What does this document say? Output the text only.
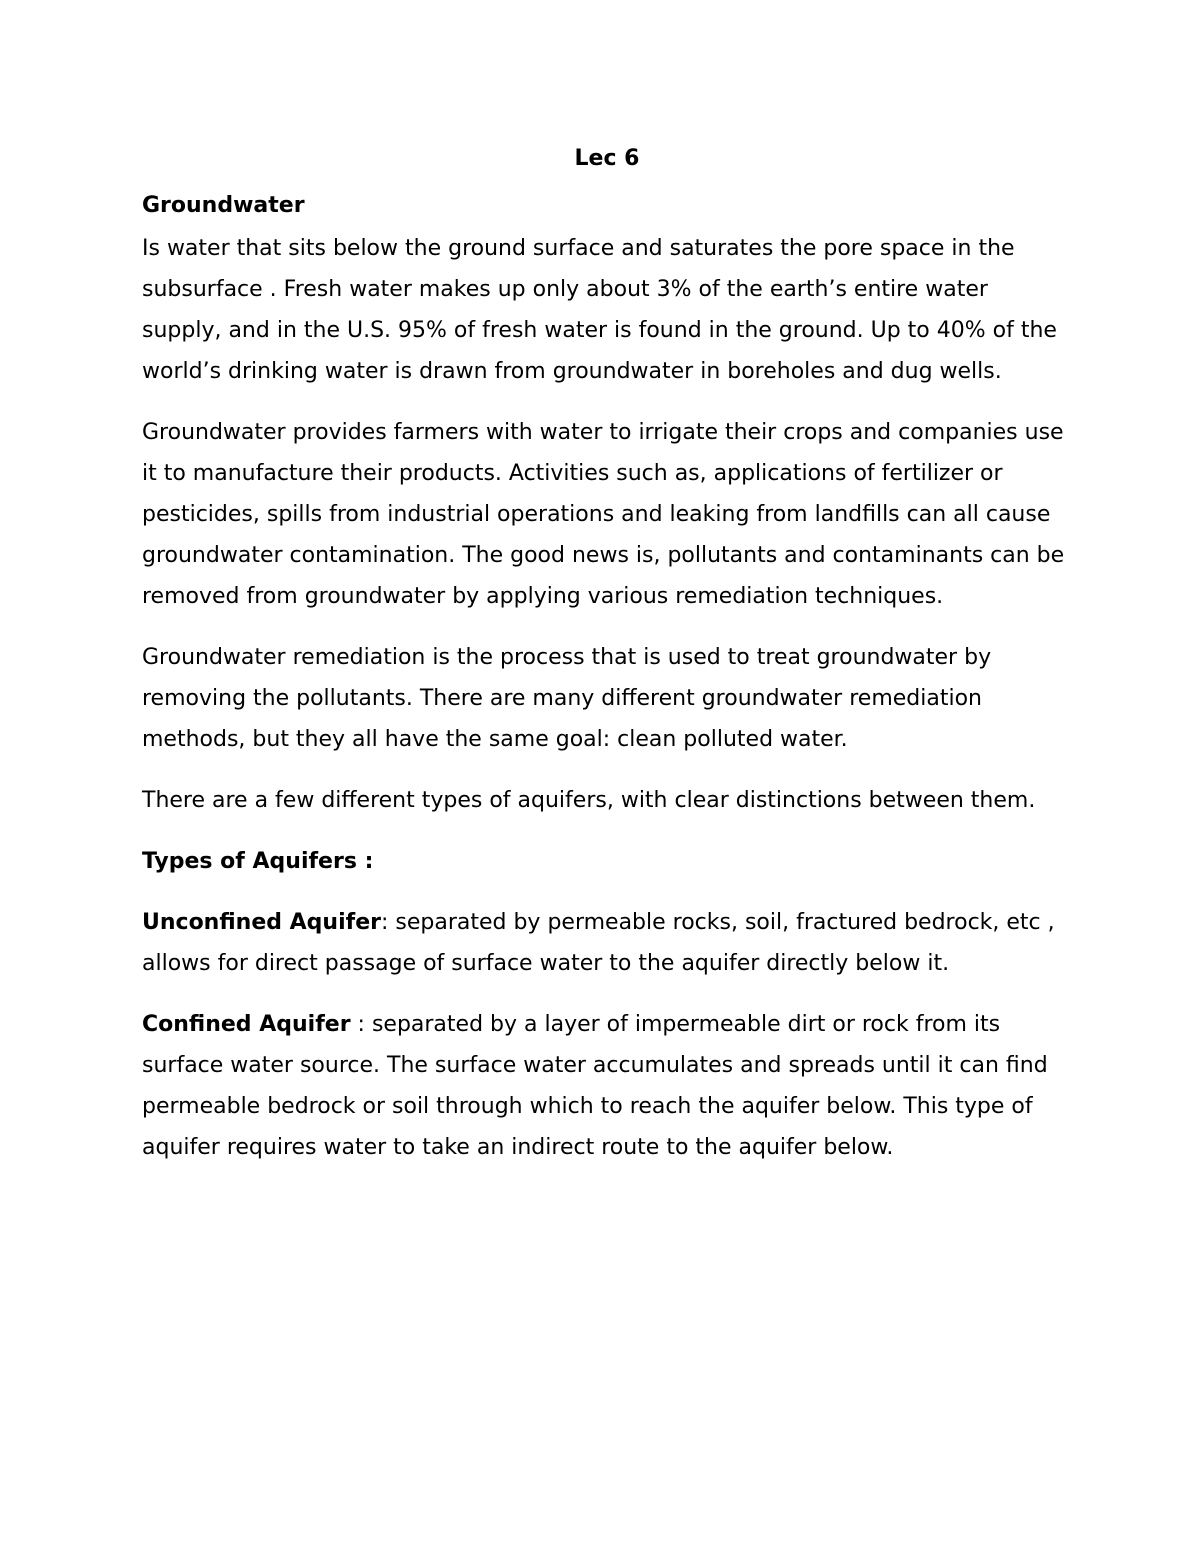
Lec 6

Groundwater

Is water that sits below the ground surface and saturates the pore space in the subsurface . Fresh water makes up only about 3% of the earth’s entire water supply, and in the U.S. 95% of fresh water is found in the ground. Up to 40% of the world’s drinking water is drawn from groundwater in boreholes and dug wells.

Groundwater provides farmers with water to irrigate their crops and companies use it to manufacture their products. Activities such as, applications of fertilizer or pesticides, spills from industrial operations and leaking from landfills can all cause groundwater contamination. The good news is, pollutants and contaminants can be removed from groundwater by applying various remediation techniques.

Groundwater remediation is the process that is used to treat groundwater by removing the pollutants. There are many different groundwater remediation methods, but they all have the same goal: clean polluted water.

There are a few different types of aquifers, with clear distinctions between them.

Types of Aquifers :

Unconfined Aquifer: separated by permeable rocks, soil, fractured bedrock, etc , allows for direct passage of surface water to the aquifer directly below it.

Confined Aquifer : separated by a layer of impermeable dirt or rock from its surface water source. The surface water accumulates and spreads until it can find permeable bedrock or soil through which to reach the aquifer below. This type of aquifer requires water to take an indirect route to the aquifer below.
